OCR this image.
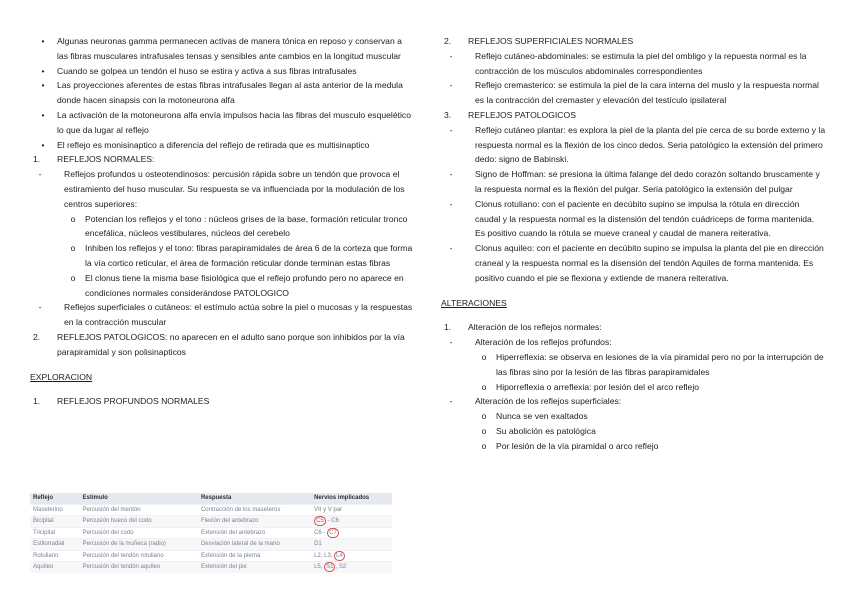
•	Algunas neuronas gamma permanecen activas de manera tónica en reposo y conservan a las fibras musculares intrafusales tensas y sensibles ante cambios en la longitud muscular
•	Cuando se golpea un tendón el huso se estira y activa a sus fibras intrafusales
•	Las proyecciones aferentes de estas fibras intrafusales llegan al asta anterior de la medula donde hacen sinapsis con la motoneurona alfa
•	La activación de la motoneurona alfa envía impulsos hacia las fibras del musculo esquelético lo que da lugar al reflejo
•	El reflejo es monisinaptico a diferencia del reflejo de retirada que es multisinaptico
1.	REFLEJOS NORMALES:
-	Reflejos profundos u osteotendinosos: percusión rápida sobre un tendón que provoca el estiramiento del huso muscular. Su respuesta se va influenciada por la modulación de los centros superiores:
o	Potencian los reflejos y el tono : núcleos grises de la base, formación reticular tronco encefálica, núcleos vestibulares, núcleos del cerebelo
o	Inhiben los reflejos y el tono: fibras parapiramidales de área 6 de la corteza que forma la vía cortico reticular, el área de formación reticular donde terminan estas fibras
o	El clonus tiene la misma base fisiológica que el reflejo profundo pero no aparece en condiciones normales considerándose PATOLOGICO
-	Reflejos superficiales o cutáneos: el estímulo actúa sobre la piel o mucosas y la respuestas en la contracción muscular
2.	REFLEJOS PATOLOGICOS: no aparecen en el adulto sano porque son inhibidos por la vía parapiramidal y son polisinapticos
EXPLORACION
1.	REFLEJOS PROFUNDOS NORMALES
Reflejo	Estímulo	Respuesta	Nervios implicados
Maseterino	Percusión del mentón	Contracción de los maseteros	VII y V par
Bicipital	Percusión hueco del codo	Flexión del antebrazo	C5 - C6
Tricipital	Percusión del codo	Extensión del antebrazo	C6 - C7
Estilorradial	Percusión de la muñeca (radio)	Desviación lateral de la mano	D1
Rotuliano	Percusión del tendón rotuliano	Extensión de la pierna	L2, L3, L4
Aquíleo	Percusión del tendón aquíleo	Extensión del pie	L5, S1 , S2
2.	REFLEJOS SUPERFICIALES NORMALES
-	Reflejo cutáneo-abdominales: se estimula la piel del ombligo y la repuesta normal es la contracción de los músculos abdominales correspondientes
-	Reflejo cremasterico: se estimula la piel de la cara interna del muslo y la respuesta normal es la contracción del cremaster y elevación del testículo ipsilateral
3.	REFLEJOS PATOLOGICOS
-	Reflejo cutáneo plantar: es explora la piel de la planta del pie cerca de su borde externo y la respuesta normal es la flexión de los cinco dedos. Seria patológico la extensión del primero dedo: signo de Babinski.
-	Signo de Hoffman: se presiona la última falange del dedo corazón soltando bruscamente y la respuesta normal es la flexión del pulgar. Seria patológico la extensión del pulgar
-	Clonus rotuliano: con el paciente en decúbito supino se impulsa la rótula en dirección caudal y la respuesta normal es la distensión del tendón cuádriceps de forma mantenida. Es positivo cuando la rótula se mueve craneal y caudal de manera reiterativa.
-	Clonus aquileo: con el paciente en decúbito supino se impulsa la planta del pie en dirección craneal y la respuesta normal es la disensión del tendón Aquiles de forma mantenida. Es positivo cuando el pie se flexiona y extiende de manera reiterativa.
ALTERACIONES
1.	Alteración de los reflejos normales:
-	Alteración de los reflejos profundos:
o	Hiperreflexia: se observa en lesiones de la vía piramidal pero no por la interrupción de las fibras sino por la lesión de las fibras parapiramidales
o	Hiporreflexia o arreflexia: por lesión del el arco reflejo
-	Alteración de los reflejos superficiales:
o	Nunca se ven exaltados
o	Su abolición es patológica
o	Por lesión de la vía piramidal o arco reflejo
